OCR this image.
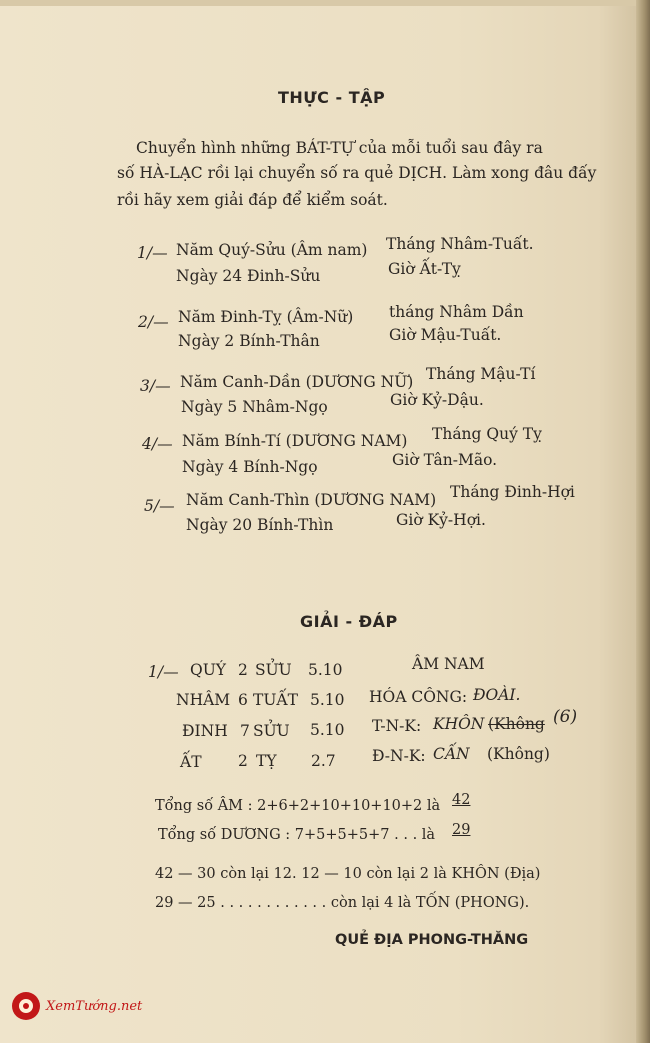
THỰC - TẬP
Chuyển hình những BÁT-TỰ của mỗi tuổi sau đây ra
số HÀ-LẠC rồi lại chuyển số ra quẻ DỊCH. Làm xong đâu đấy
rồi hãy xem giải đáp để kiểm soát.
1/— Năm Quý-Sửu (Âm nam) Tháng Nhâm-Tuất.
Ngày 24 Đinh-Sửu	Giờ Ất-Tỵ
2/— Năm Đinh-Tỵ (Âm-Nữ) tháng Nhâm Dần
Ngày 2 Bính-Thân	Giờ Mậu-Tuất.
3/— Năm Canh-Dần (DƯƠNG NỮ) Tháng Mậu-Tí
Ngày 5 Nhâm-Ngọ	Giờ Kỷ-Dậu.
4/— Năm Bính-Tí (DƯƠNG NAM) Tháng Quý Tỵ
Ngày 4 Bính-Ngọ	Giờ Tân-Mão.
5/— Năm Canh-Thìn (DƯƠNG NAM) Tháng Đinh-Hợi
Ngày 20 Bính-Thìn	Giờ Kỷ-Hợi.
GIẢI - ĐÁP
1/— QUÝ 2 SỬU 5.10	ÂM NAM
NHÂM 6 TUẤT 5.10 HÓA CÔNG: ĐOÀI.
ĐINH 7 SỬU 5.10 T-N-K: KHÔN (Không (6)
ẤT 2 TỴ 2.7 Đ-N-K: CẤN (Không)
Tổng số ÂM : 2+6+2+10+10+10+2 là 42
Tổng số DƯƠNG : 7+5+5+5+7 . . . là 29
42 — 30 còn lại 12. 12 — 10 còn lại 2 là KHÔN (Địa)
29 — 25 . . . . . . . . . . . . còn lại 4 là TỐN (PHONG).
QUẺ ĐỊA PHONG-THĂNG
XemTướng.net
